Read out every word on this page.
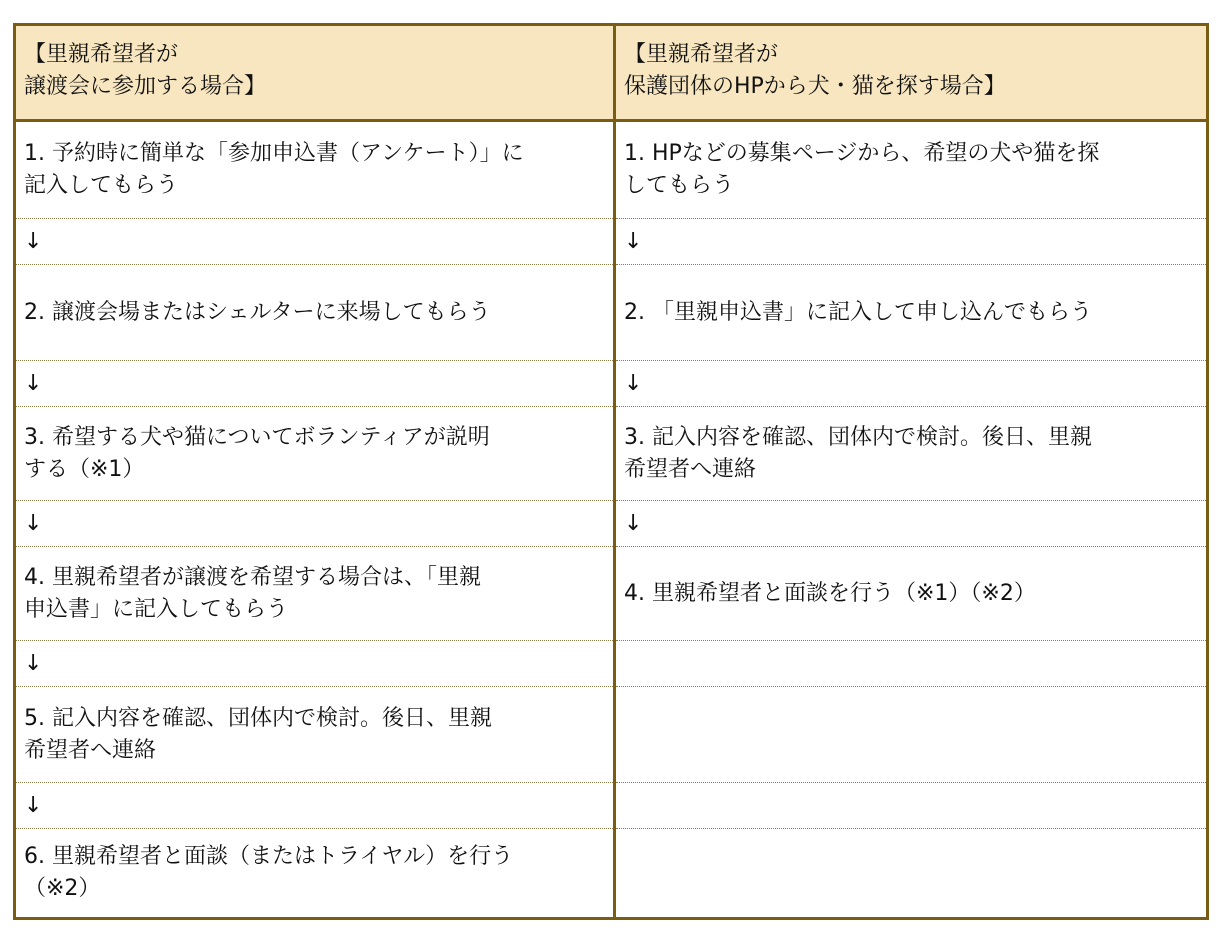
【里親希望者が
譲渡会に参加する場合】
1. 予約時に簡単な「参加申込書（アンケート）」に
記入してもらう
↓
2. 譲渡会場またはシェルターに来場してもらう
↓
3. 希望する犬や猫についてボランティアが説明
する（※1）
↓
4. 里親希望者が譲渡を希望する場合は、「里親
申込書」に記入してもらう
↓
5. 記入内容を確認、団体内で検討。後日、里親
希望者へ連絡
↓
6. 里親希望者と面談（またはトライヤル）を行う
（※2）
【里親希望者が
保護団体のHPから犬・猫を探す場合】
1. HPなどの募集ページから、希望の犬や猫を探
してもらう
↓
2. 「里親申込書」に記入して申し込んでもらう
↓
3. 記入内容を確認、団体内で検討。後日、里親
希望者へ連絡
↓
4. 里親希望者と面談を行う（※1）（※2）
